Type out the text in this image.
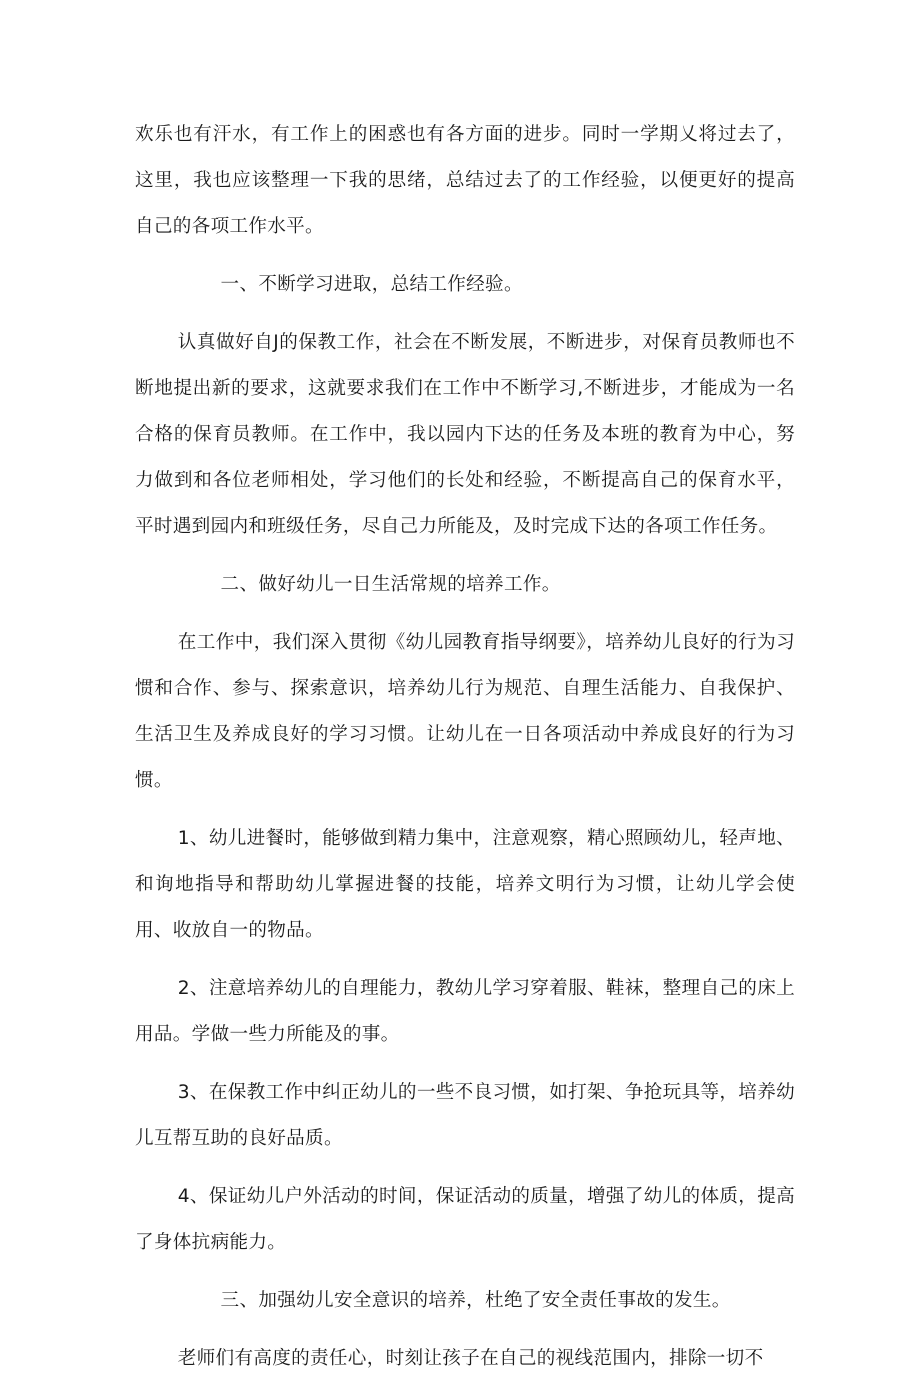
欢乐也有汗水，有工作上的困惑也有各方面的进步。同时一学期乂将过去了，这里，我也应该整理一下我的思绪，总结过去了的工作经验，以便更好的提高自己的各项工作水平。

一、不断学习进取，总结工作经验。

认真做好自J的保教工作，社会在不断发展，不断进步，对保育员教师也不断地提出新的要求，这就要求我们在工作中不断学习,不断进步，才能成为一名合格的保育员教师。在工作中，我以园内下达的任务及本班的教育为中心，努力做到和各位老师相处，学习他们的长处和经验，不断提高自己的保育水平，平时遇到园内和班级任务，尽自己力所能及，及时完成下达的各项工作任务。

二、做好幼儿一日生活常规的培养工作。

在工作中，我们深入贯彻《幼儿园教育指导纲要》，培养幼儿良好的行为习惯和合作、参与、探索意识，培养幼儿行为规范、自理生活能力、自我保护、生活卫生及养成良好的学习习惯。让幼儿在一日各项活动中养成良好的行为习惯。

1、幼儿进餐时，能够做到精力集中，注意观察，精心照顾幼儿，轻声地、和询地指导和帮助幼儿掌握进餐的技能，培养文明行为习惯，让幼儿学会使用、收放自一的物品。

2、注意培养幼儿的自理能力，教幼儿学习穿着服、鞋袜，整理自己的床上用品。学做一些力所能及的事。

3、在保教工作中纠正幼儿的一些不良习惯，如打架、争抢玩具等，培养幼儿互帮互助的良好品质。

4、保证幼儿户外活动的时间，保证活动的质量，增强了幼儿的体质，提高了身体抗病能力。

三、加强幼儿安全意识的培养，杜绝了安全责任事故的发生。

老师们有高度的责任心，时刻让孩子在自己的视线范围内，排除一切不
